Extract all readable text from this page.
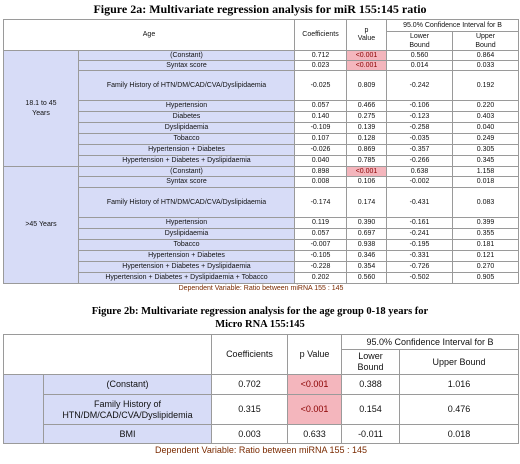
Figure 2a: Multivariate regression analysis for miR 155:145 ratio
Age		Coefficients	p
Value	95.0% Confidence Interval for B	
				Lower
Bound	Upper
Bound
18.1 to 45
Years	(Constant)	0.712	<0.001	0.560	0.864
	Syntax score	0.023	<0.001	0.014	0.033
	Family History of HTN/DM/CAD/CVA/Dyslipidaemia	-0.025	0.809	-0.242	0.192
	Hypertension	0.057	0.466	-0.106	0.220
	Diabetes	0.140	0.275	-0.123	0.403
	Dyslipidaemia	-0.109	0.139	-0.258	0.040
	Tobacco	0.107	0.128	-0.035	0.249
	Hypertension + Diabetes	-0.026	0.869	-0.357	0.305
	Hypertension + Diabetes + Dyslipidaemia	0.040	0.785	-0.266	0.345
>45 Years	(Constant)	0.898	<0.001	0.638	1.158
	Syntax score	0.008	0.106	-0.002	0.018
	Family History of HTN/DM/CAD/CVA/Dyslipidaemia	-0.174	0.174	-0.431	0.083
	Hypertension	0.119	0.390	-0.161	0.399
	Dyslipidaemia	0.057	0.697	-0.241	0.355
	Tobacco	-0.007	0.938	-0.195	0.181
	Hypertension + Diabetes	-0.105	0.346	-0.331	0.121
	Hypertension + Diabetes + Dyslipidaemia	-0.228	0.354	-0.726	0.270
	Hypertension + Diabetes + Dyslipidaemia + Tobacco	0.202	0.560	-0.502	0.905
Dependent Variable: Ratio between miRNA 155 : 145					
Figure 2b: Multivariate regression analysis for the age group 0-18 years for
Micro RNA 155:145
		Coefficients	p Value	95.0% Confidence Interval for B	
				Lower
Bound	Upper Bound
	(Constant)	0.702	<0.001	0.388	1.016
	Family History of
HTN/DM/CAD/CVA/Dyslipidemia	0.315	<0.001	0.154	0.476
	BMI	0.003	0.633	-0.011	0.018
Dependent Variable: Ratio between miRNA 155 : 145					
